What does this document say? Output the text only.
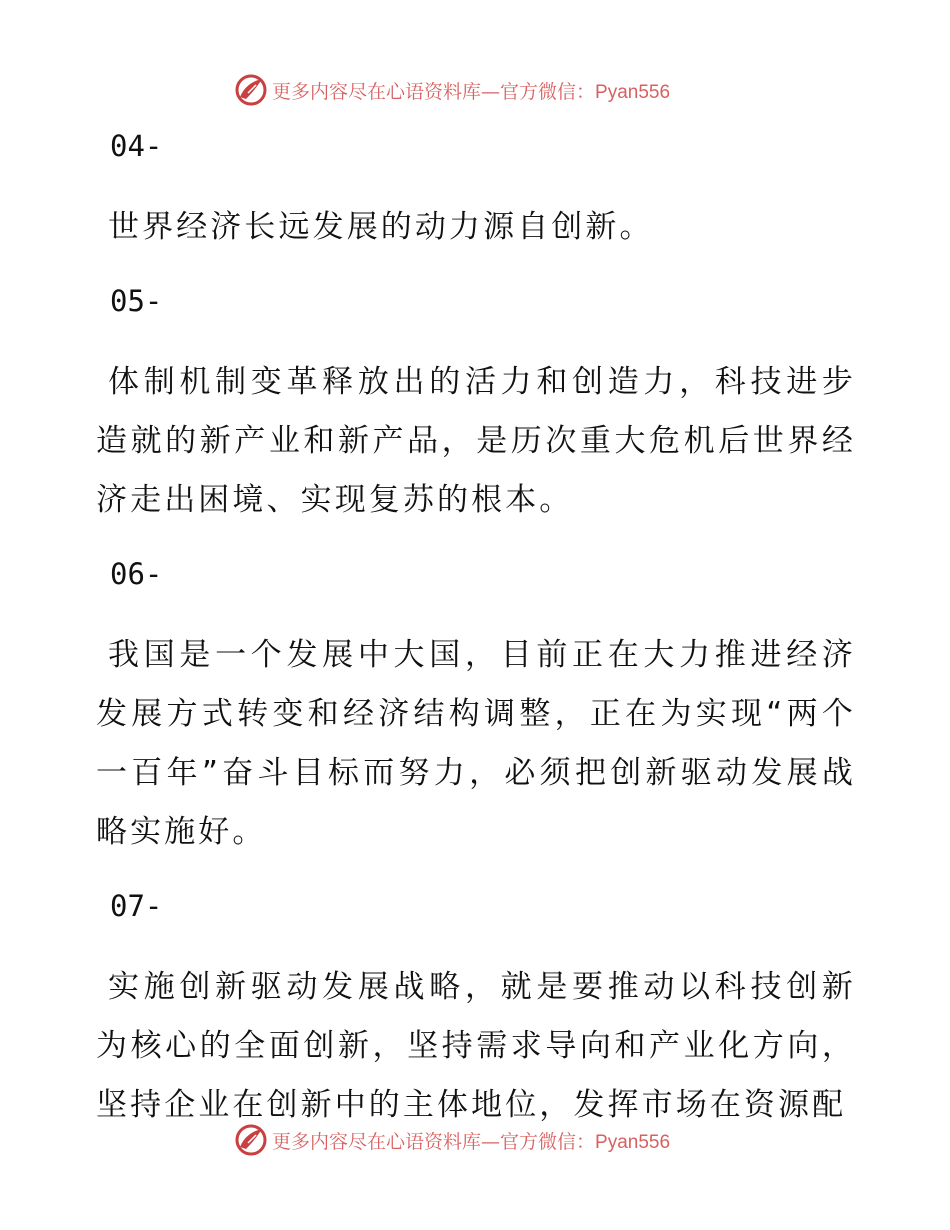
更多内容尽在心语资料库—官方微信：Pyan556
04-
世界经济长远发展的动力源自创新。
05-
体制机制变革释放出的活力和创造力，科技进步造就的新产业和新产品，是历次重大危机后世界经济走出困境、实现复苏的根本。
06-
我国是一个发展中大国，目前正在大力推进经济发展方式转变和经济结构调整，正在为实现“两个一百年”奋斗目标而努力，必须把创新驱动发展战略实施好。
07-
实施创新驱动发展战略，就是要推动以科技创新为核心的全面创新，坚持需求导向和产业化方向，坚持企业在创新中的主体地位，发挥市场在资源配
更多内容尽在心语资料库—官方微信：Pyan556
